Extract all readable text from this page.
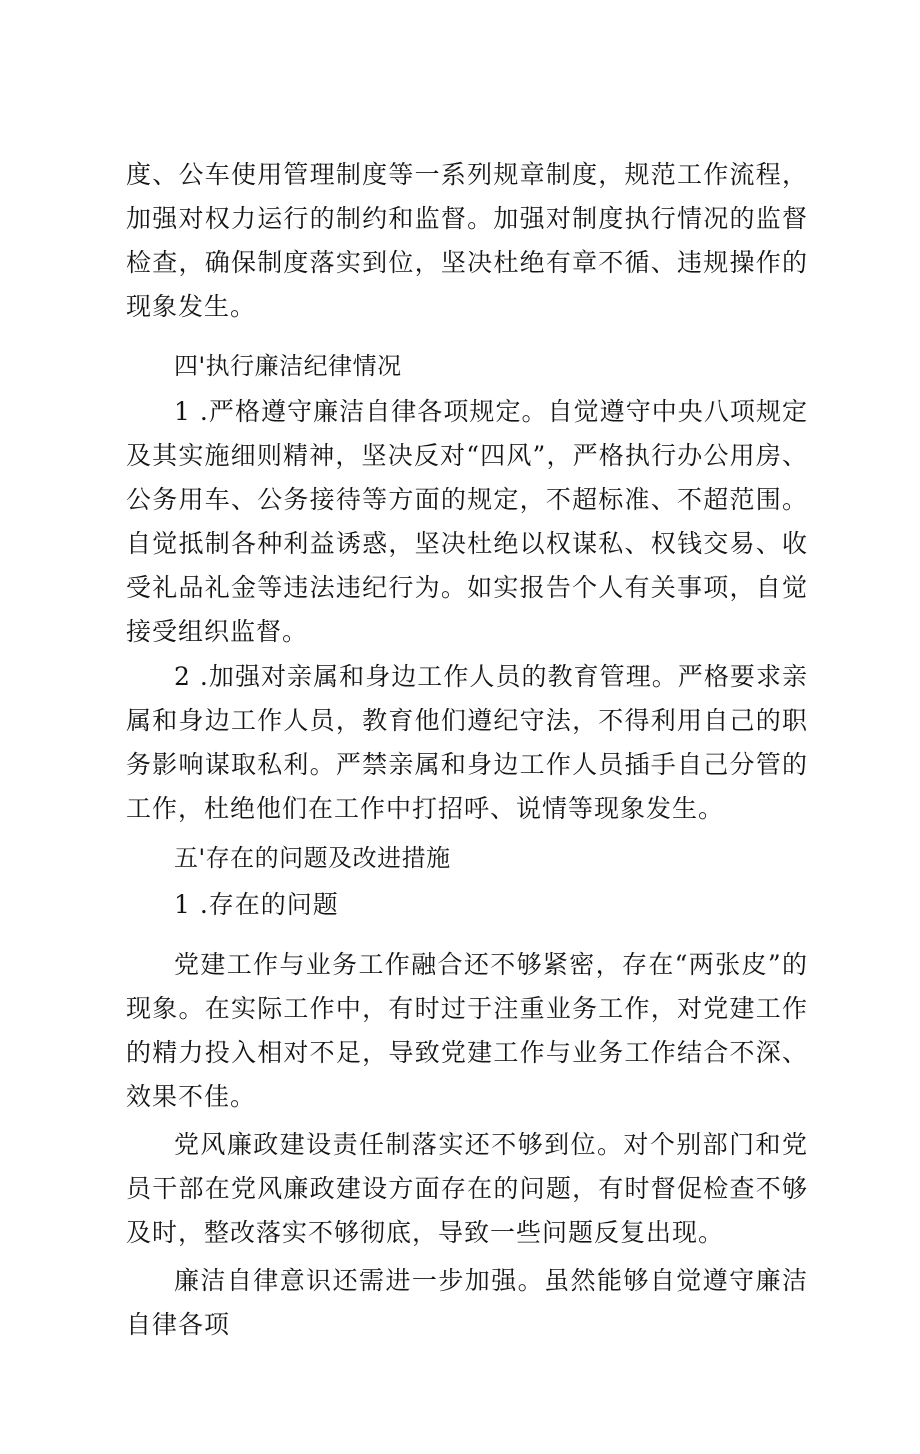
度、公车使用管理制度等一系列规章制度，规范工作流程，加强对权力运行的制约和监督。加强对制度执行情况的监督检查，确保制度落实到位，坚决杜绝有章不循、违规操作的现象发生。

四'执行廉洁纪律情况

1 .严格遵守廉洁自律各项规定。自觉遵守中央八项规定及其实施细则精神，坚决反对“四风”，严格执行办公用房、公务用车、公务接待等方面的规定，不超标准、不超范围。自觉抵制各种利益诱惑，坚决杜绝以权谋私、权钱交易、收受礼品礼金等违法违纪行为。如实报告个人有关事项，自觉接受组织监督。

2 .加强对亲属和身边工作人员的教育管理。严格要求亲属和身边工作人员，教育他们遵纪守法，不得利用自己的职务影响谋取私利。严禁亲属和身边工作人员插手自己分管的工作，杜绝他们在工作中打招呼、说情等现象发生。

五'存在的问题及改进措施

1 .存在的问题

党建工作与业务工作融合还不够紧密，存在“两张皮”的现象。在实际工作中，有时过于注重业务工作，对党建工作的精力投入相对不足，导致党建工作与业务工作结合不深、效果不佳。

党风廉政建设责任制落实还不够到位。对个别部门和党员干部在党风廉政建设方面存在的问题，有时督促检查不够及时，整改落实不够彻底，导致一些问题反复出现。

廉洁自律意识还需进一步加强。虽然能够自觉遵守廉洁自律各项
